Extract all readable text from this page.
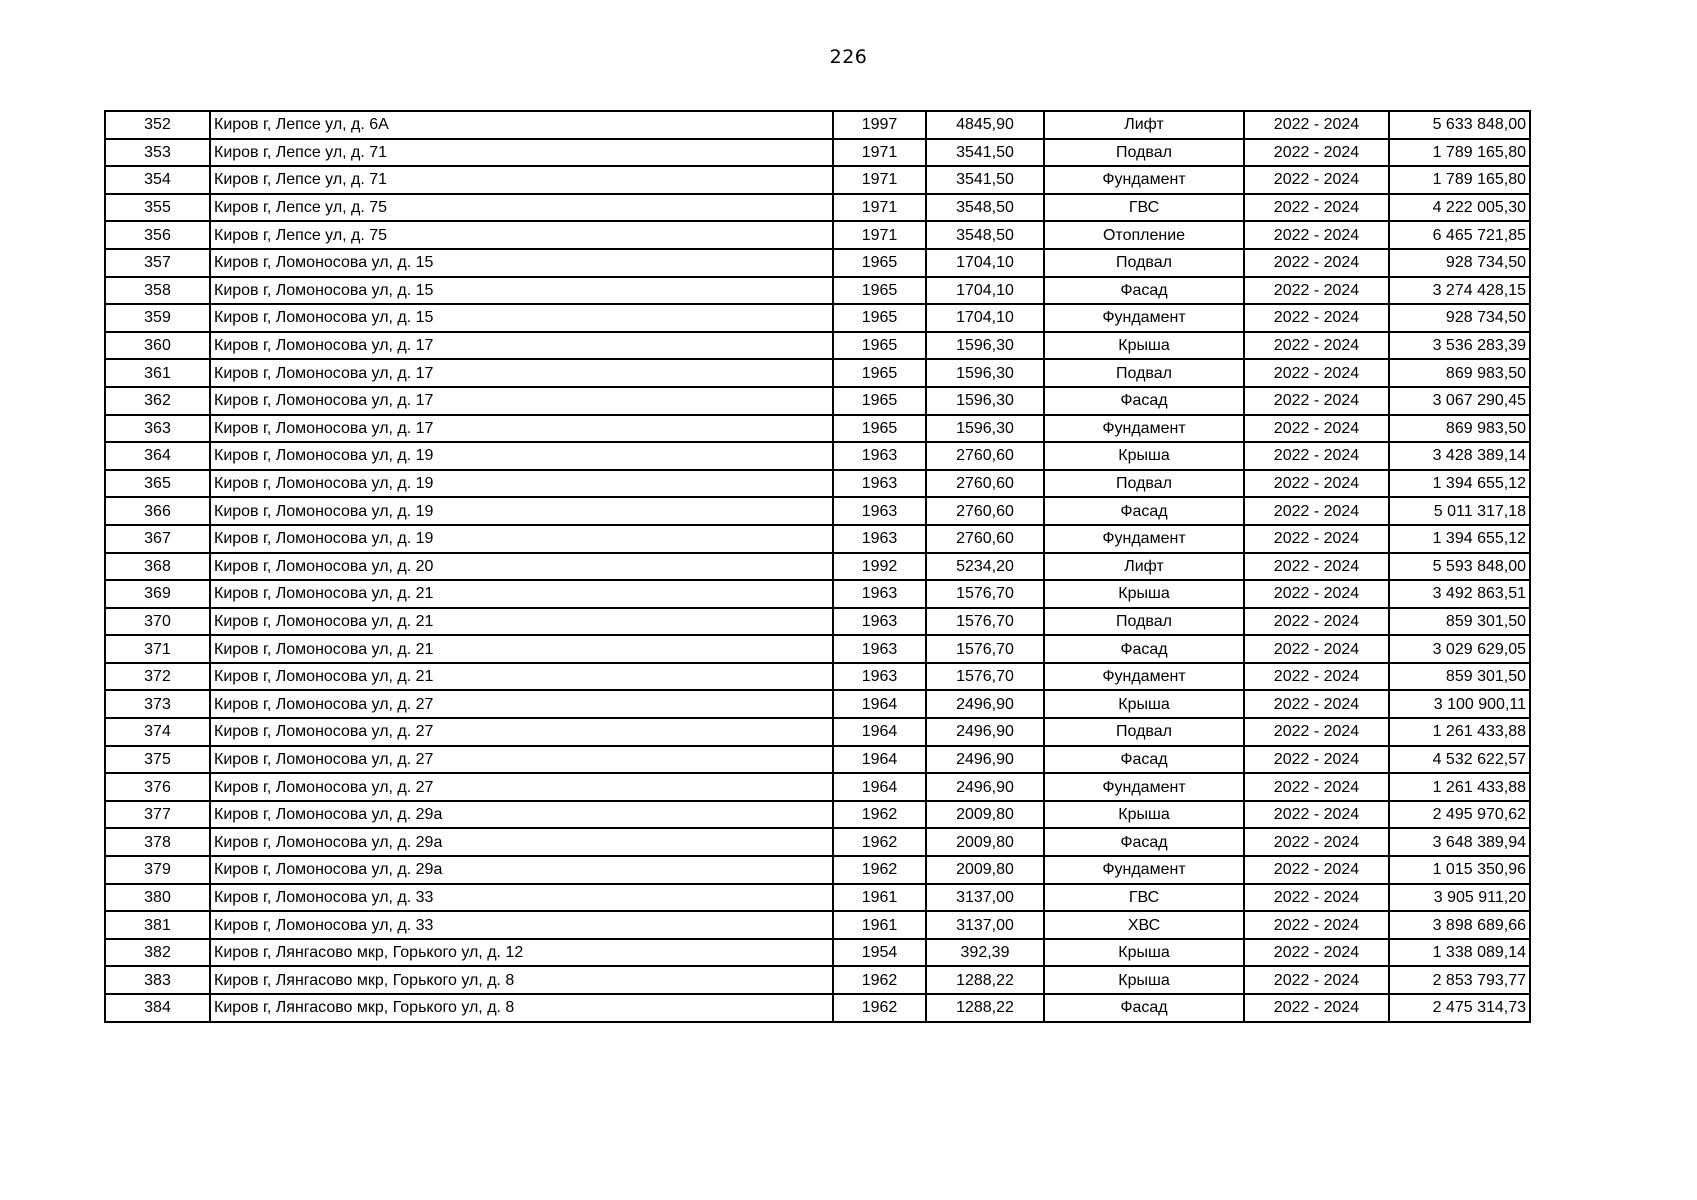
226
352	Киров г, Лепсе ул, д. 6А	1997	4845,90	Лифт	2022 - 2024	5 633 848,00
353	Киров г, Лепсе ул, д. 71	1971	3541,50	Подвал	2022 - 2024	1 789 165,80
354	Киров г, Лепсе ул, д. 71	1971	3541,50	Фундамент	2022 - 2024	1 789 165,80
355	Киров г, Лепсе ул, д. 75	1971	3548,50	ГВС	2022 - 2024	4 222 005,30
356	Киров г, Лепсе ул, д. 75	1971	3548,50	Отопление	2022 - 2024	6 465 721,85
357	Киров г, Ломоносова ул, д. 15	1965	1704,10	Подвал	2022 - 2024	928 734,50
358	Киров г, Ломоносова ул, д. 15	1965	1704,10	Фасад	2022 - 2024	3 274 428,15
359	Киров г, Ломоносова ул, д. 15	1965	1704,10	Фундамент	2022 - 2024	928 734,50
360	Киров г, Ломоносова ул, д. 17	1965	1596,30	Крыша	2022 - 2024	3 536 283,39
361	Киров г, Ломоносова ул, д. 17	1965	1596,30	Подвал	2022 - 2024	869 983,50
362	Киров г, Ломоносова ул, д. 17	1965	1596,30	Фасад	2022 - 2024	3 067 290,45
363	Киров г, Ломоносова ул, д. 17	1965	1596,30	Фундамент	2022 - 2024	869 983,50
364	Киров г, Ломоносова ул, д. 19	1963	2760,60	Крыша	2022 - 2024	3 428 389,14
365	Киров г, Ломоносова ул, д. 19	1963	2760,60	Подвал	2022 - 2024	1 394 655,12
366	Киров г, Ломоносова ул, д. 19	1963	2760,60	Фасад	2022 - 2024	5 011 317,18
367	Киров г, Ломоносова ул, д. 19	1963	2760,60	Фундамент	2022 - 2024	1 394 655,12
368	Киров г, Ломоносова ул, д. 20	1992	5234,20	Лифт	2022 - 2024	5 593 848,00
369	Киров г, Ломоносова ул, д. 21	1963	1576,70	Крыша	2022 - 2024	3 492 863,51
370	Киров г, Ломоносова ул, д. 21	1963	1576,70	Подвал	2022 - 2024	859 301,50
371	Киров г, Ломоносова ул, д. 21	1963	1576,70	Фасад	2022 - 2024	3 029 629,05
372	Киров г, Ломоносова ул, д. 21	1963	1576,70	Фундамент	2022 - 2024	859 301,50
373	Киров г, Ломоносова ул, д. 27	1964	2496,90	Крыша	2022 - 2024	3 100 900,11
374	Киров г, Ломоносова ул, д. 27	1964	2496,90	Подвал	2022 - 2024	1 261 433,88
375	Киров г, Ломоносова ул, д. 27	1964	2496,90	Фасад	2022 - 2024	4 532 622,57
376	Киров г, Ломоносова ул, д. 27	1964	2496,90	Фундамент	2022 - 2024	1 261 433,88
377	Киров г, Ломоносова ул, д. 29а	1962	2009,80	Крыша	2022 - 2024	2 495 970,62
378	Киров г, Ломоносова ул, д. 29а	1962	2009,80	Фасад	2022 - 2024	3 648 389,94
379	Киров г, Ломоносова ул, д. 29а	1962	2009,80	Фундамент	2022 - 2024	1 015 350,96
380	Киров г, Ломоносова ул, д. 33	1961	3137,00	ГВС	2022 - 2024	3 905 911,20
381	Киров г, Ломоносова ул, д. 33	1961	3137,00	ХВС	2022 - 2024	3 898 689,66
382	Киров г, Лянгасово мкр, Горького ул, д. 12	1954	392,39	Крыша	2022 - 2024	1 338 089,14
383	Киров г, Лянгасово мкр, Горького ул, д. 8	1962	1288,22	Крыша	2022 - 2024	2 853 793,77
384	Киров г, Лянгасово мкр, Горького ул, д. 8	1962	1288,22	Фасад	2022 - 2024	2 475 314,73
